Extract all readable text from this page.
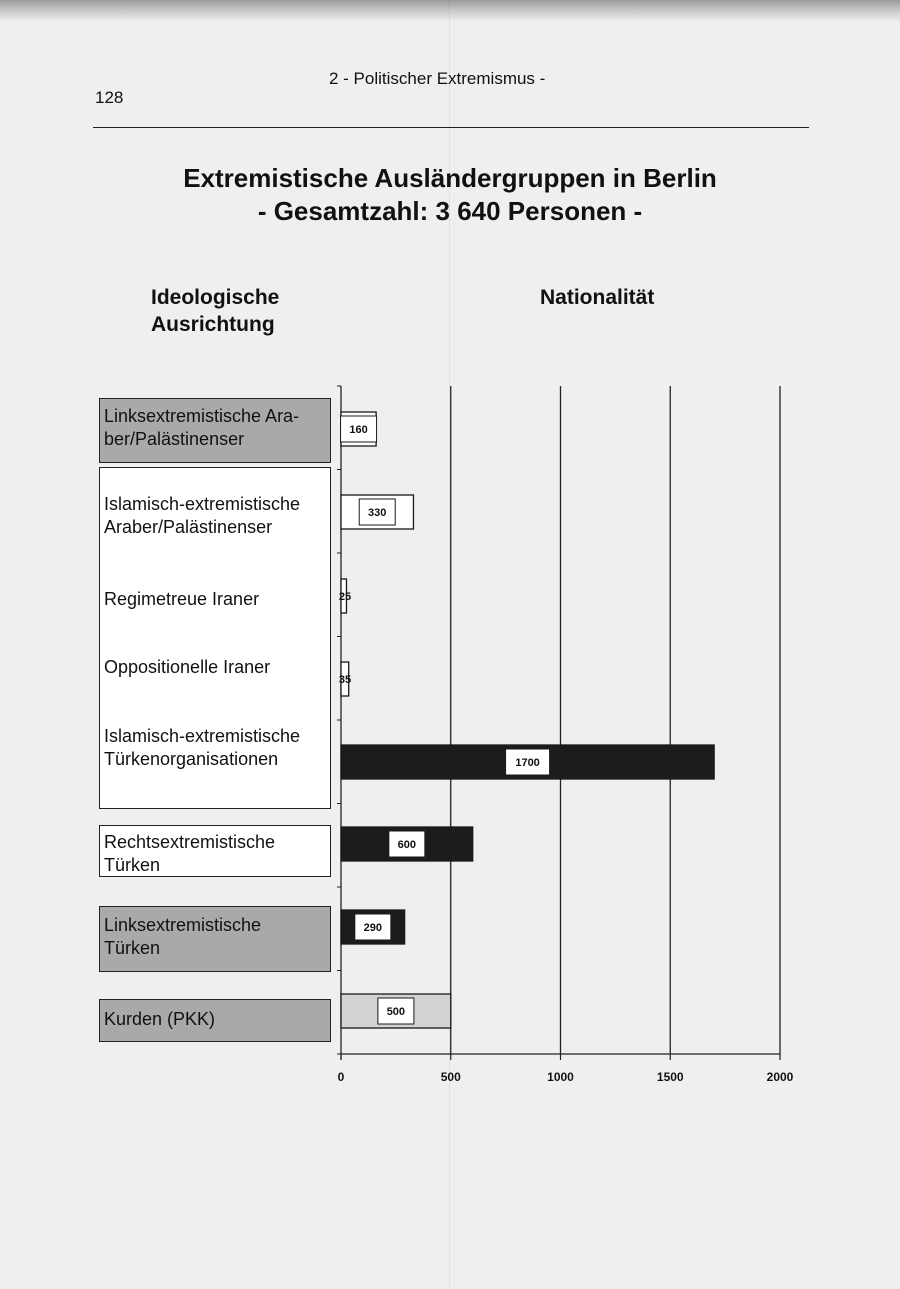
128
2 - Politischer Extremismus -
Extremistische Ausländergruppen in Berlin
- Gesamtzahl: 3 640 Personen -
Ideologische
Ausrichtung
Nationalität
Linksextremistische Ara-
ber/Palästinenser
Islamisch-extremistische
Araber/Palästinenser
Regimetreue Iraner
Oppositionelle Iraner
Islamisch-extremistische
Türkenorganisationen
Rechtsextremistische
Türken
Linksextremistische
Türken
Kurden (PKK)
0	500	1000	1500	2000
160
330
25
35
1700
600
290
500
